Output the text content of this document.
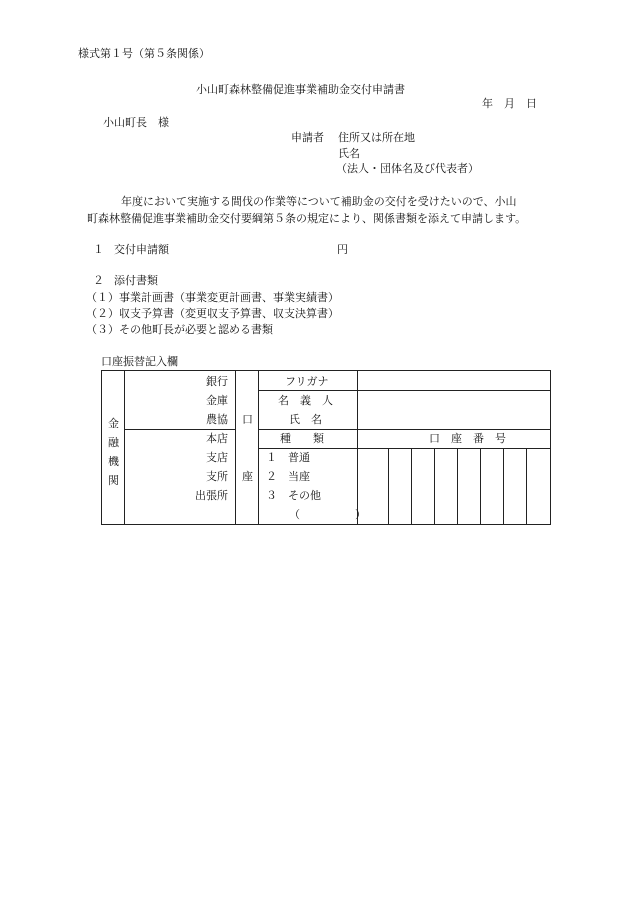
様式第１号（第５条関係）
小山町森林整備促進事業補助金交付申請書
年　月　日
小山町長　様
申請者 住所又は所在地
氏名
（法人・団体名及び代表者）
年度において実施する間伐の作業等について補助金の交付を受けたいので、小山
町森林整備促進事業補助金交付要綱第５条の規定により、関係書類を添えて申請します。
１ 交付申請額	円
２ 添付書類
（１）事業計画書（事業変更計画書、事業実績書）
（２）収支予算書（変更収支予算書、収支決算書）
（３）その他町長が必要と認める書類
口座振替記入欄
金
融
機
関
銀行
金庫
農協
本店
支店
支所
出張所
口
座
フリガナ
名　義　人
氏　名
種　　類	口　座　番　号
１　普通
２　当座
３　その他
（　　　　　）
